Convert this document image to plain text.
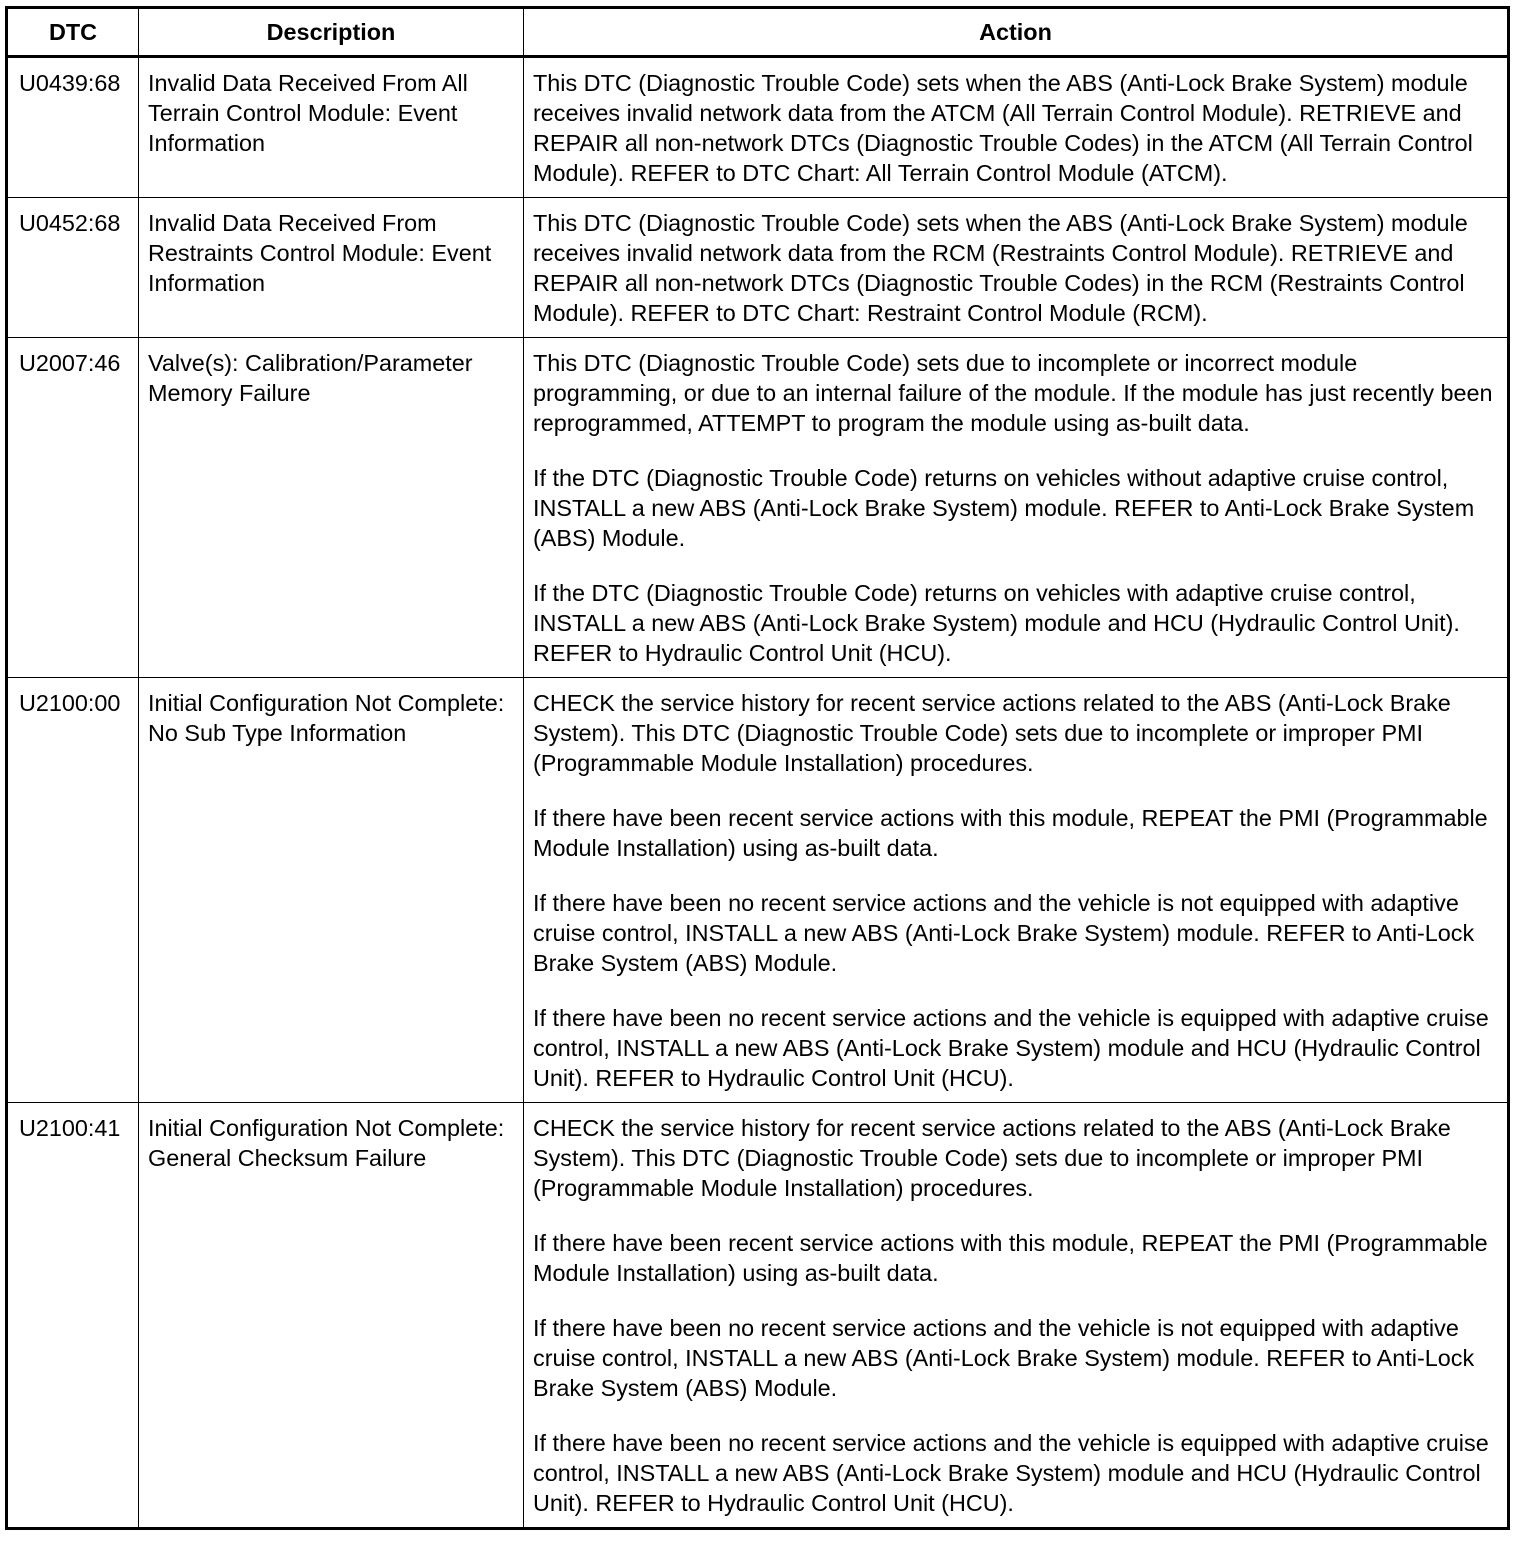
DTC	Description	Action
U0439:68	Invalid Data Received From All Terrain Control Module: Event Information	This DTC (Diagnostic Trouble Code) sets when the ABS (Anti-Lock Brake System) module receives invalid network data from the ATCM (All Terrain Control Module). RETRIEVE and REPAIR all non-network DTCs (Diagnostic Trouble Codes) in the ATCM (All Terrain Control Module). REFER to DTC Chart: All Terrain Control Module (ATCM).

U0452:68	Invalid Data Received From Restraints Control Module: Event Information	This DTC (Diagnostic Trouble Code) sets when the ABS (Anti-Lock Brake System) module receives invalid network data from the RCM (Restraints Control Module). RETRIEVE and REPAIR all non-network DTCs (Diagnostic Trouble Codes) in the RCM (Restraints Control Module). REFER to DTC Chart: Restraint Control Module (RCM).

U2007:46	Valve(s): Calibration/Parameter Memory Failure	This DTC (Diagnostic Trouble Code) sets due to incomplete or incorrect module programming, or due to an internal failure of the module. If the module has just recently been reprogrammed, ATTEMPT to program the module using as-built data.

If the DTC (Diagnostic Trouble Code) returns on vehicles without adaptive cruise control, INSTALL a new ABS (Anti-Lock Brake System) module. REFER to Anti-Lock Brake System (ABS) Module.

If the DTC (Diagnostic Trouble Code) returns on vehicles with adaptive cruise control, INSTALL a new ABS (Anti-Lock Brake System) module and HCU (Hydraulic Control Unit). REFER to Hydraulic Control Unit (HCU).

U2100:00	Initial Configuration Not Complete: No Sub Type Information	CHECK the service history for recent service actions related to the ABS (Anti-Lock Brake System). This DTC (Diagnostic Trouble Code) sets due to incomplete or improper PMI (Programmable Module Installation) procedures.

If there have been recent service actions with this module, REPEAT the PMI (Programmable Module Installation) using as-built data.

If there have been no recent service actions and the vehicle is not equipped with adaptive cruise control, INSTALL a new ABS (Anti-Lock Brake System) module. REFER to Anti-Lock Brake System (ABS) Module.

If there have been no recent service actions and the vehicle is equipped with adaptive cruise control, INSTALL a new ABS (Anti-Lock Brake System) module and HCU (Hydraulic Control Unit). REFER to Hydraulic Control Unit (HCU).

U2100:41	Initial Configuration Not Complete: General Checksum Failure	CHECK the service history for recent service actions related to the ABS (Anti-Lock Brake System). This DTC (Diagnostic Trouble Code) sets due to incomplete or improper PMI (Programmable Module Installation) procedures.

If there have been recent service actions with this module, REPEAT the PMI (Programmable Module Installation) using as-built data.

If there have been no recent service actions and the vehicle is not equipped with adaptive cruise control, INSTALL a new ABS (Anti-Lock Brake System) module. REFER to Anti-Lock Brake System (ABS) Module.

If there have been no recent service actions and the vehicle is equipped with adaptive cruise control, INSTALL a new ABS (Anti-Lock Brake System) module and HCU (Hydraulic Control Unit). REFER to Hydraulic Control Unit (HCU).
